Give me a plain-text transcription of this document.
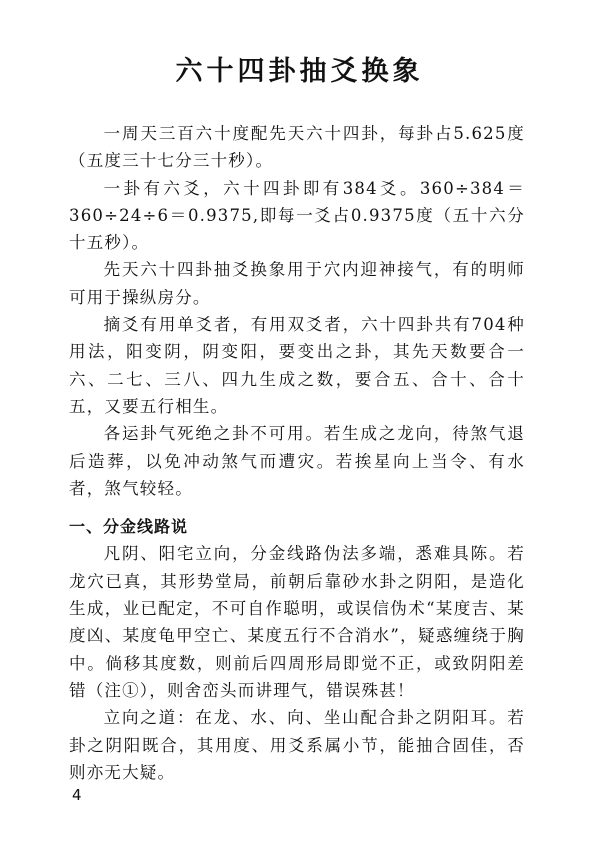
六十四卦抽爻换象

一周天三百六十度配先天六十四卦，每卦占5.625度（五度三十七分三十秒）。

一卦有六爻，六十四卦即有384爻。360÷384＝360÷24÷6＝0.9375,即每一爻占0.9375度（五十六分十五秒）。

先天六十四卦抽爻换象用于穴内迎神接气，有的明师可用于操纵房分。

摘爻有用单爻者，有用双爻者，六十四卦共有704种用法，阳变阴，阴变阳，要变出之卦，其先天数要合一六、二七、三八、四九生成之数，要合五、合十、合十五，又要五行相生。

各运卦气死绝之卦不可用。若生成之龙向，待煞气退后造葬，以免冲动煞气而遭灾。若挨星向上当令、有水者，煞气较轻。

一、分金线路说

凡阴、阳宅立向，分金线路伪法多端，悉难具陈。若龙穴已真，其形势堂局，前朝后靠砂水卦之阴阳，是造化生成，业已配定，不可自作聪明，或误信伪术“某度吉、某度凶、某度龟甲空亡、某度五行不合消水”，疑惑缠绕于胸中。倘移其度数，则前后四周形局即觉不正，或致阴阳差错（注①），则舍峦头而讲理气，错误殊甚！

立向之道：在龙、水、向、坐山配合卦之阴阳耳。若卦之阴阳既合，其用度、用爻系属小节，能抽合固佳，否则亦无大疑。

4
